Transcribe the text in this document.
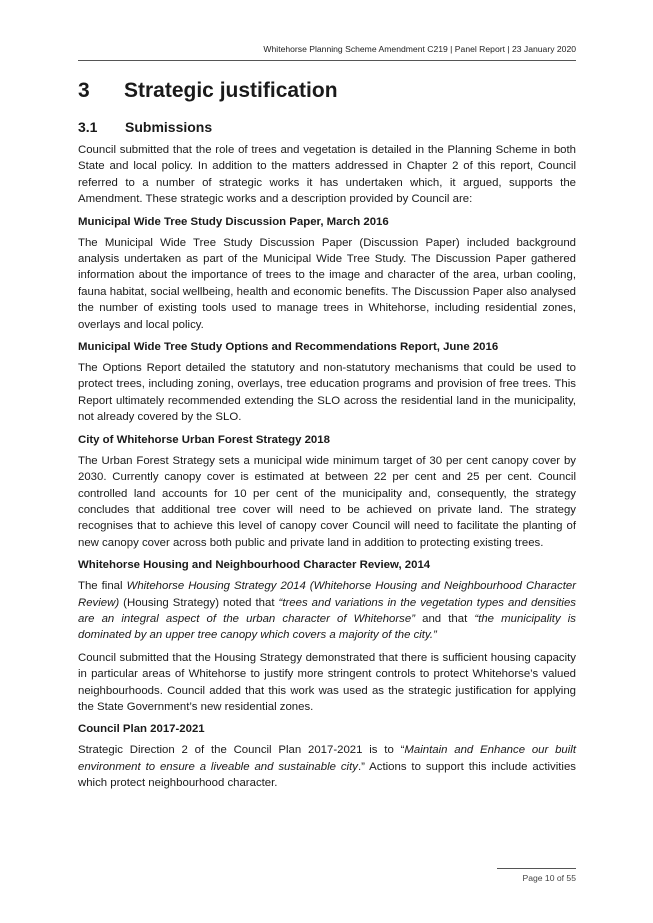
Whitehorse Planning Scheme Amendment C219 | Panel Report | 23 January 2020
3 Strategic justification
3.1 Submissions

Council submitted that the role of trees and vegetation is detailed in the Planning Scheme in both State and local policy. In addition to the matters addressed in Chapter 2 of this report, Council referred to a number of strategic works it has undertaken which, it argued, supports the Amendment. These strategic works and a description provided by Council are:

Municipal Wide Tree Study Discussion Paper, March 2016

The Municipal Wide Tree Study Discussion Paper (Discussion Paper) included background analysis undertaken as part of the Municipal Wide Tree Study. The Discussion Paper gathered information about the importance of trees to the image and character of the area, urban cooling, fauna habitat, social wellbeing, health and economic benefits. The Discussion Paper also analysed the number of existing tools used to manage trees in Whitehorse, including residential zones, overlays and local policy.

Municipal Wide Tree Study Options and Recommendations Report, June 2016

The Options Report detailed the statutory and non-statutory mechanisms that could be used to protect trees, including zoning, overlays, tree education programs and provision of free trees. This Report ultimately recommended extending the SLO across the residential land in the municipality, not already covered by the SLO.

City of Whitehorse Urban Forest Strategy 2018

The Urban Forest Strategy sets a municipal wide minimum target of 30 per cent canopy cover by 2030. Currently canopy cover is estimated at between 22 per cent and 25 per cent. Council controlled land accounts for 10 per cent of the municipality and, consequently, the strategy concludes that additional tree cover will need to be achieved on private land. The strategy recognises that to achieve this level of canopy cover Council will need to facilitate the planting of new canopy cover across both public and private land in addition to protecting existing trees.

Whitehorse Housing and Neighbourhood Character Review, 2014

The final Whitehorse Housing Strategy 2014 (Whitehorse Housing and Neighbourhood Character Review) (Housing Strategy) noted that “trees and variations in the vegetation types and densities are an integral aspect of the urban character of Whitehorse” and that “the municipality is dominated by an upper tree canopy which covers a majority of the city.”

Council submitted that the Housing Strategy demonstrated that there is sufficient housing capacity in particular areas of Whitehorse to justify more stringent controls to protect Whitehorse’s valued neighbourhoods. Council added that this work was used as the strategic justification for applying the State Government’s new residential zones.

Council Plan 2017-2021

Strategic Direction 2 of the Council Plan 2017-2021 is to “Maintain and Enhance our built environment to ensure a liveable and sustainable city.” Actions to support this include activities which protect neighbourhood character.

Page 10 of 55
